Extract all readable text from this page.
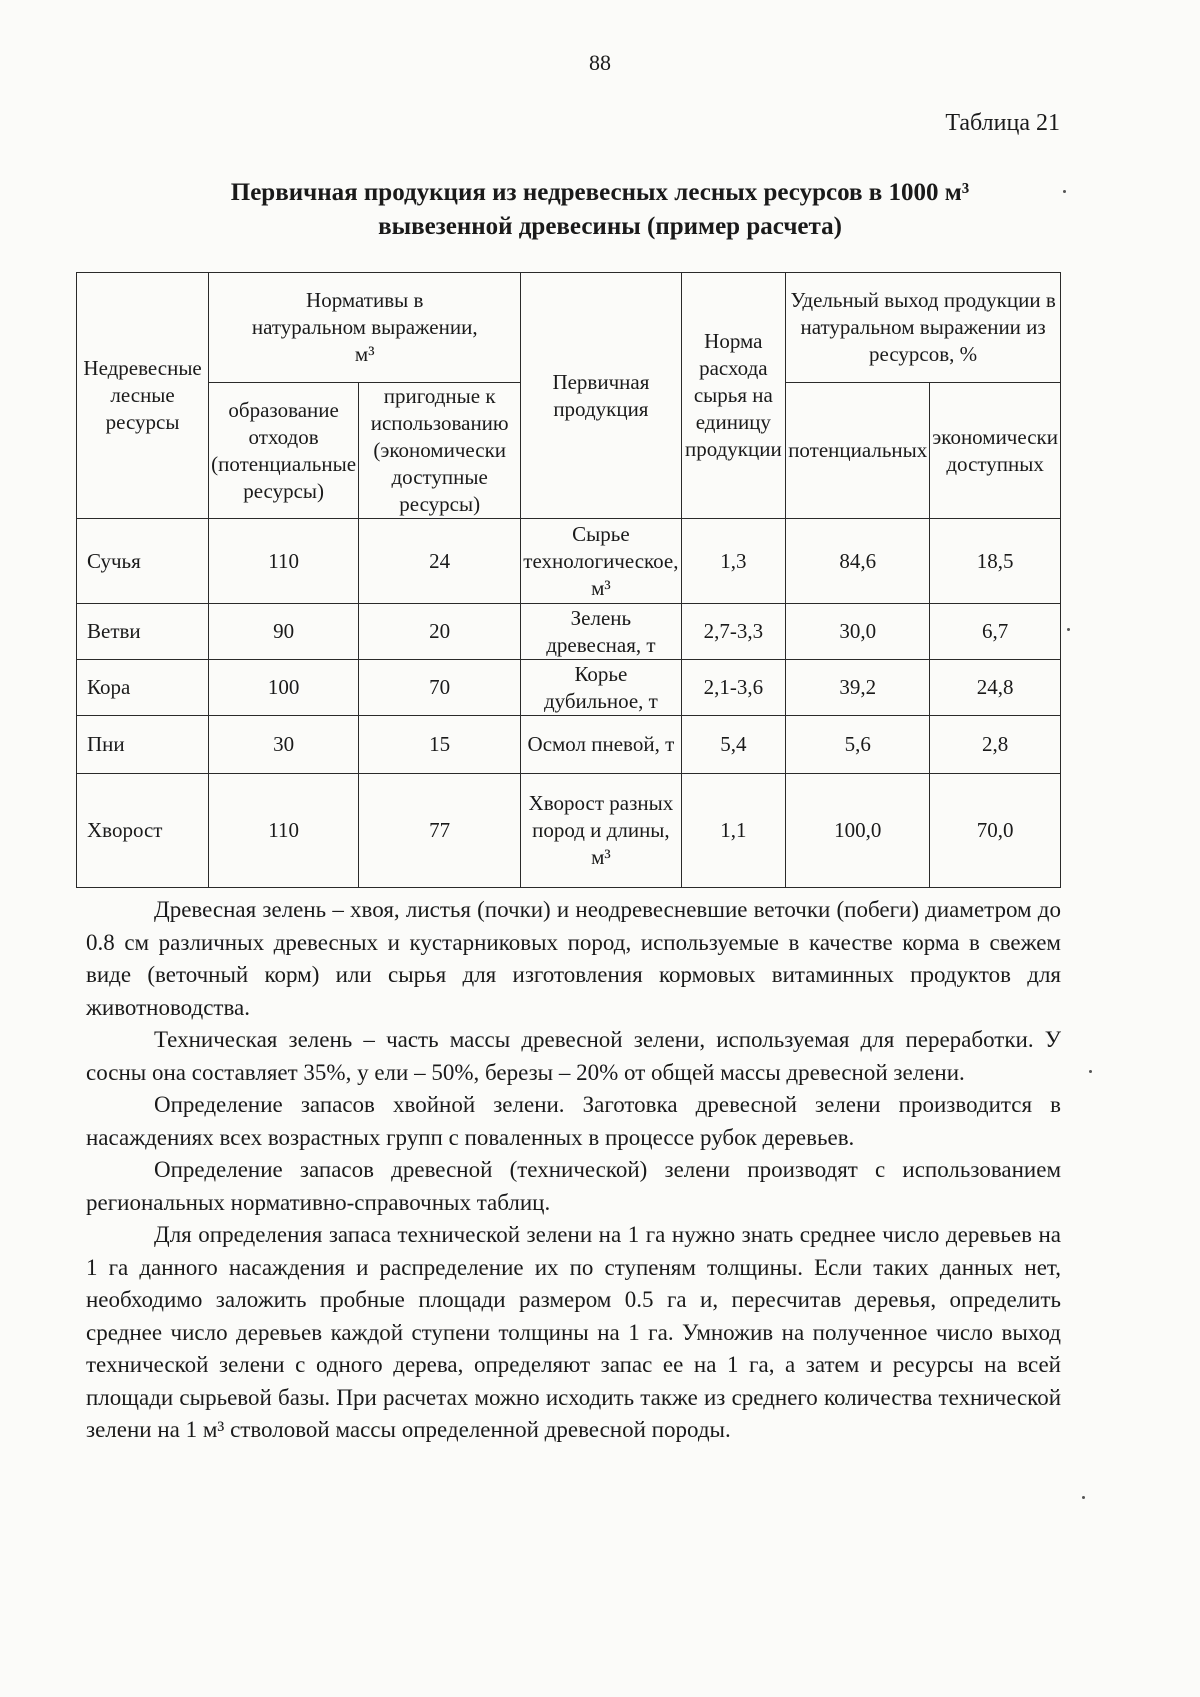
88
Таблица 21
Первичная продукция из недревесных лесных ресурсов в 1000 м³
вывезенной древесины (пример расчета)
Недревесные лесные ресурсы	Нормативы в натуральном выражении, м³		Первичная продукция	Норма расхода сырья на единицу продукции	Удельный выход продукции в натуральном выражении из ресурсов, %	
	образование отходов (потенциальные ресурсы)	пригодные к использованию (экономически доступные ресурсы)			потенциальных	экономически доступных
Сучья	110	24	Сырье технологическое, м³	1,3	84,6	18,5
Ветви	90	20	Зелень древесная, т	2,7-3,3	30,0	6,7
Кора	100	70	Корье дубильное, т	2,1-3,6	39,2	24,8
Пни	30	15	Осмол пневой, т	5,4	5,6	2,8
Хворост	110	77	Хворост разных пород и длины, м³	1,1	100,0	70,0

Древесная зелень – хвоя, листья (почки) и неодревесневшие веточки (побеги) диаметром до 0.8 см различных древесных и кустарниковых пород, используемые в качестве корма в свежем виде (веточный корм) или сырья для изготовления кормовых витаминных продуктов для животноводства.

Техническая зелень – часть массы древесной зелени, используемая для переработки. У сосны она составляет 35%, у ели – 50%, березы – 20% от общей массы древесной зелени.

Определение запасов хвойной зелени. Заготовка древесной зелени производится в насаждениях всех возрастных групп с поваленных в процессе рубок деревьев.

Определение запасов древесной (технической) зелени производят с использованием региональных нормативно-справочных таблиц.

Для определения запаса технической зелени на 1 га нужно знать среднее число деревьев на 1 га данного насаждения и распределение их по ступеням толщины. Если таких данных нет, необходимо заложить пробные площади размером 0.5 га и, пересчитав деревья, определить среднее число деревьев каждой ступени толщины на 1 га. Умножив на полученное число выход технической зелени с одного дерева, определяют запас ее на 1 га, а затем и ресурсы на всей площади сырьевой базы. При расчетах можно исходить также из среднего количества технической зелени на 1 м³ стволовой массы определенной древесной породы.
